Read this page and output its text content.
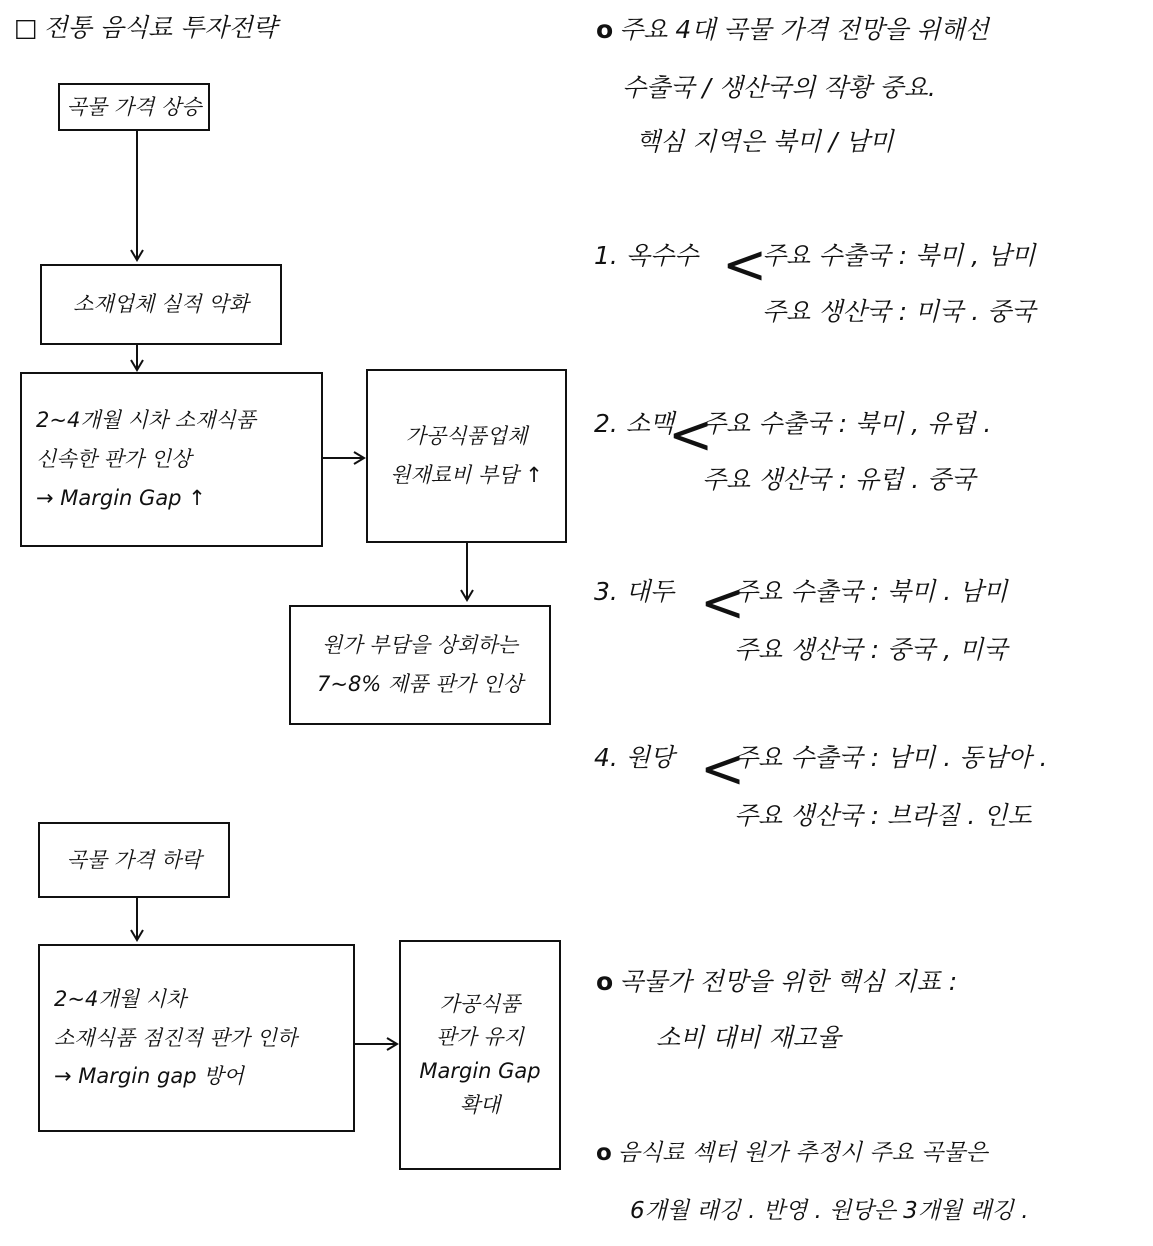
□ 전통 음식료 투자전략
곡물 가격 상승
소재업체 실적 악화
2~4개월 시차 소재식품
신속한 판가 인상
→ Margin Gap ↑
가공식품업체
원재료비 부담 ↑
원가 부담을 상회하는
7~8% 제품 판가 인상
곡물 가격 하락
2~4개월 시차
소재식품 점진적 판가 인하
→ Margin gap 방어
가공식품
판가 유지
Margin Gap
확대
o 주요 4대 곡물 가격 전망을 위해선
수출국 / 생산국의 작황 중요.
핵심 지역은 북미 / 남미
1. 옥수수 <
주요 수출국 : 북미 , 남미
주요 생산국 : 미국 . 중국
2. 소맥
<
주요 수출국 : 북미 , 유럽 .
주요 생산국 : 유럽 . 중국
3. 대두 <
주요 수출국 : 북미 . 남미
주요 생산국 : 중국 , 미국
4. 원당 <
주요 수출국 : 남미 . 동남아 .
주요 생산국 : 브라질 . 인도
o 곡물가 전망을 위한 핵심 지표 :
소비 대비 재고율
o 음식료 섹터 원가 추정시 주요 곡물은
6개월 래깅 . 반영 . 원당은 3개월 래깅 .
